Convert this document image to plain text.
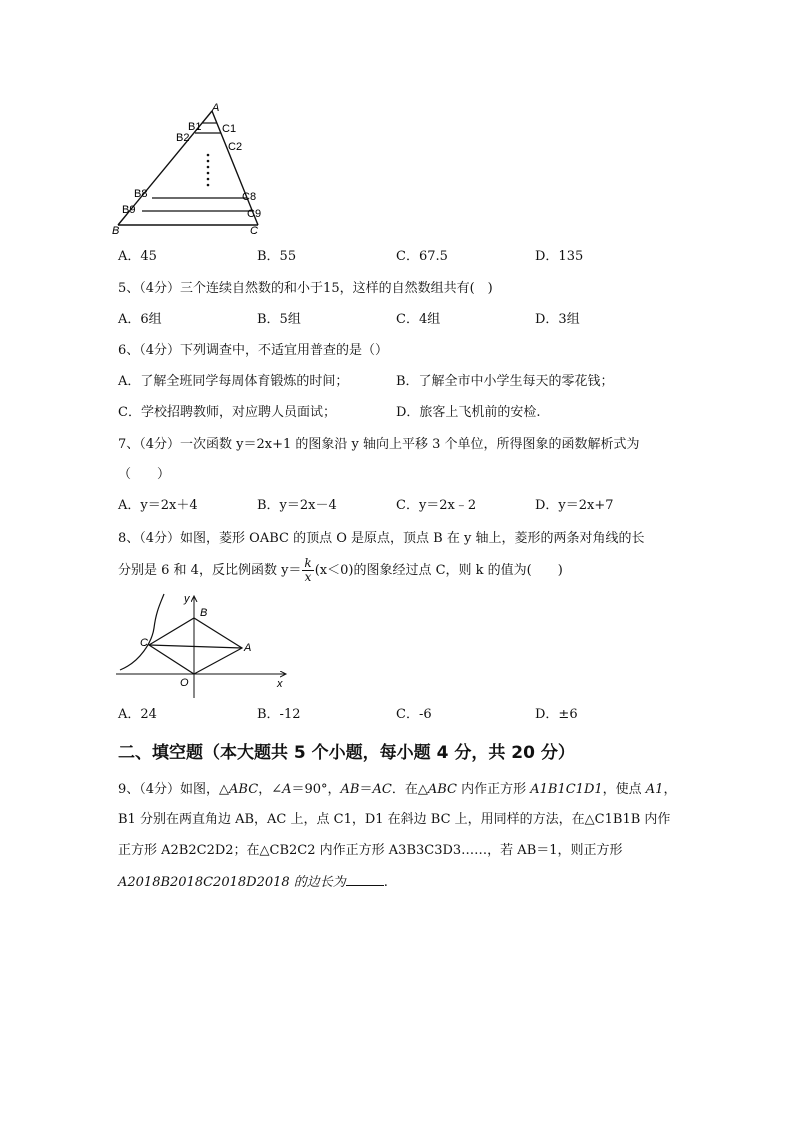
A
B	C
B1 C1
B2
C2
B8	C8
B9	C9
A．45	B．55	C．67.5	D．135
5、（4分）三个连续自然数的和小于15，这样的自然数组共有(　)
A．6组	B．5组	C．4组	D．3组
6、（4分）下列调查中，不适宜用普查的是（）
A．了解全班同学每周体育锻炼的时间；	B．了解全市中小学生每天的零花钱；
C．学校招聘教师，对应聘人员面试；	D．旅客上飞机前的安检.
7、（4分）一次函数 y＝2x+1 的图象沿 y 轴向上平移 3 个单位，所得图象的函数解析式为
（　　）
A．y＝2x＋4	B．y＝2x－4	C．y＝2x﹣2	D．y＝2x+7
8、（4分）如图，菱形 OABC 的顶点 O 是原点，顶点 B 在 y 轴上，菱形的两条对角线的长
分别是 6 和 4，反比例函数 $y= \frac{k}{x} (x<0)$的图象经过点 C，则 k 的值为(　　)
y
B
C	A
O	x
A．24	B．-12	C．-6	D．±6
二、填空题（本大题共 5 个小题，每小题 4 分，共 20 分）
9、（4分）如图，△ABC，∠A＝90°，AB＝AC．在△ABC 内作正方形 A1B1C1D1，使点 A1，
B1 分别在两直角边 AB，AC 上，点 C1，D1 在斜边 BC 上，用同样的方法，在△C1B1B 内作
正方形 A2B2C2D2；在△CB2C2 内作正方形 A3B3C3D3……，若 AB＝1，则正方形
A2018B2018C2018D2018 的边长为	.
